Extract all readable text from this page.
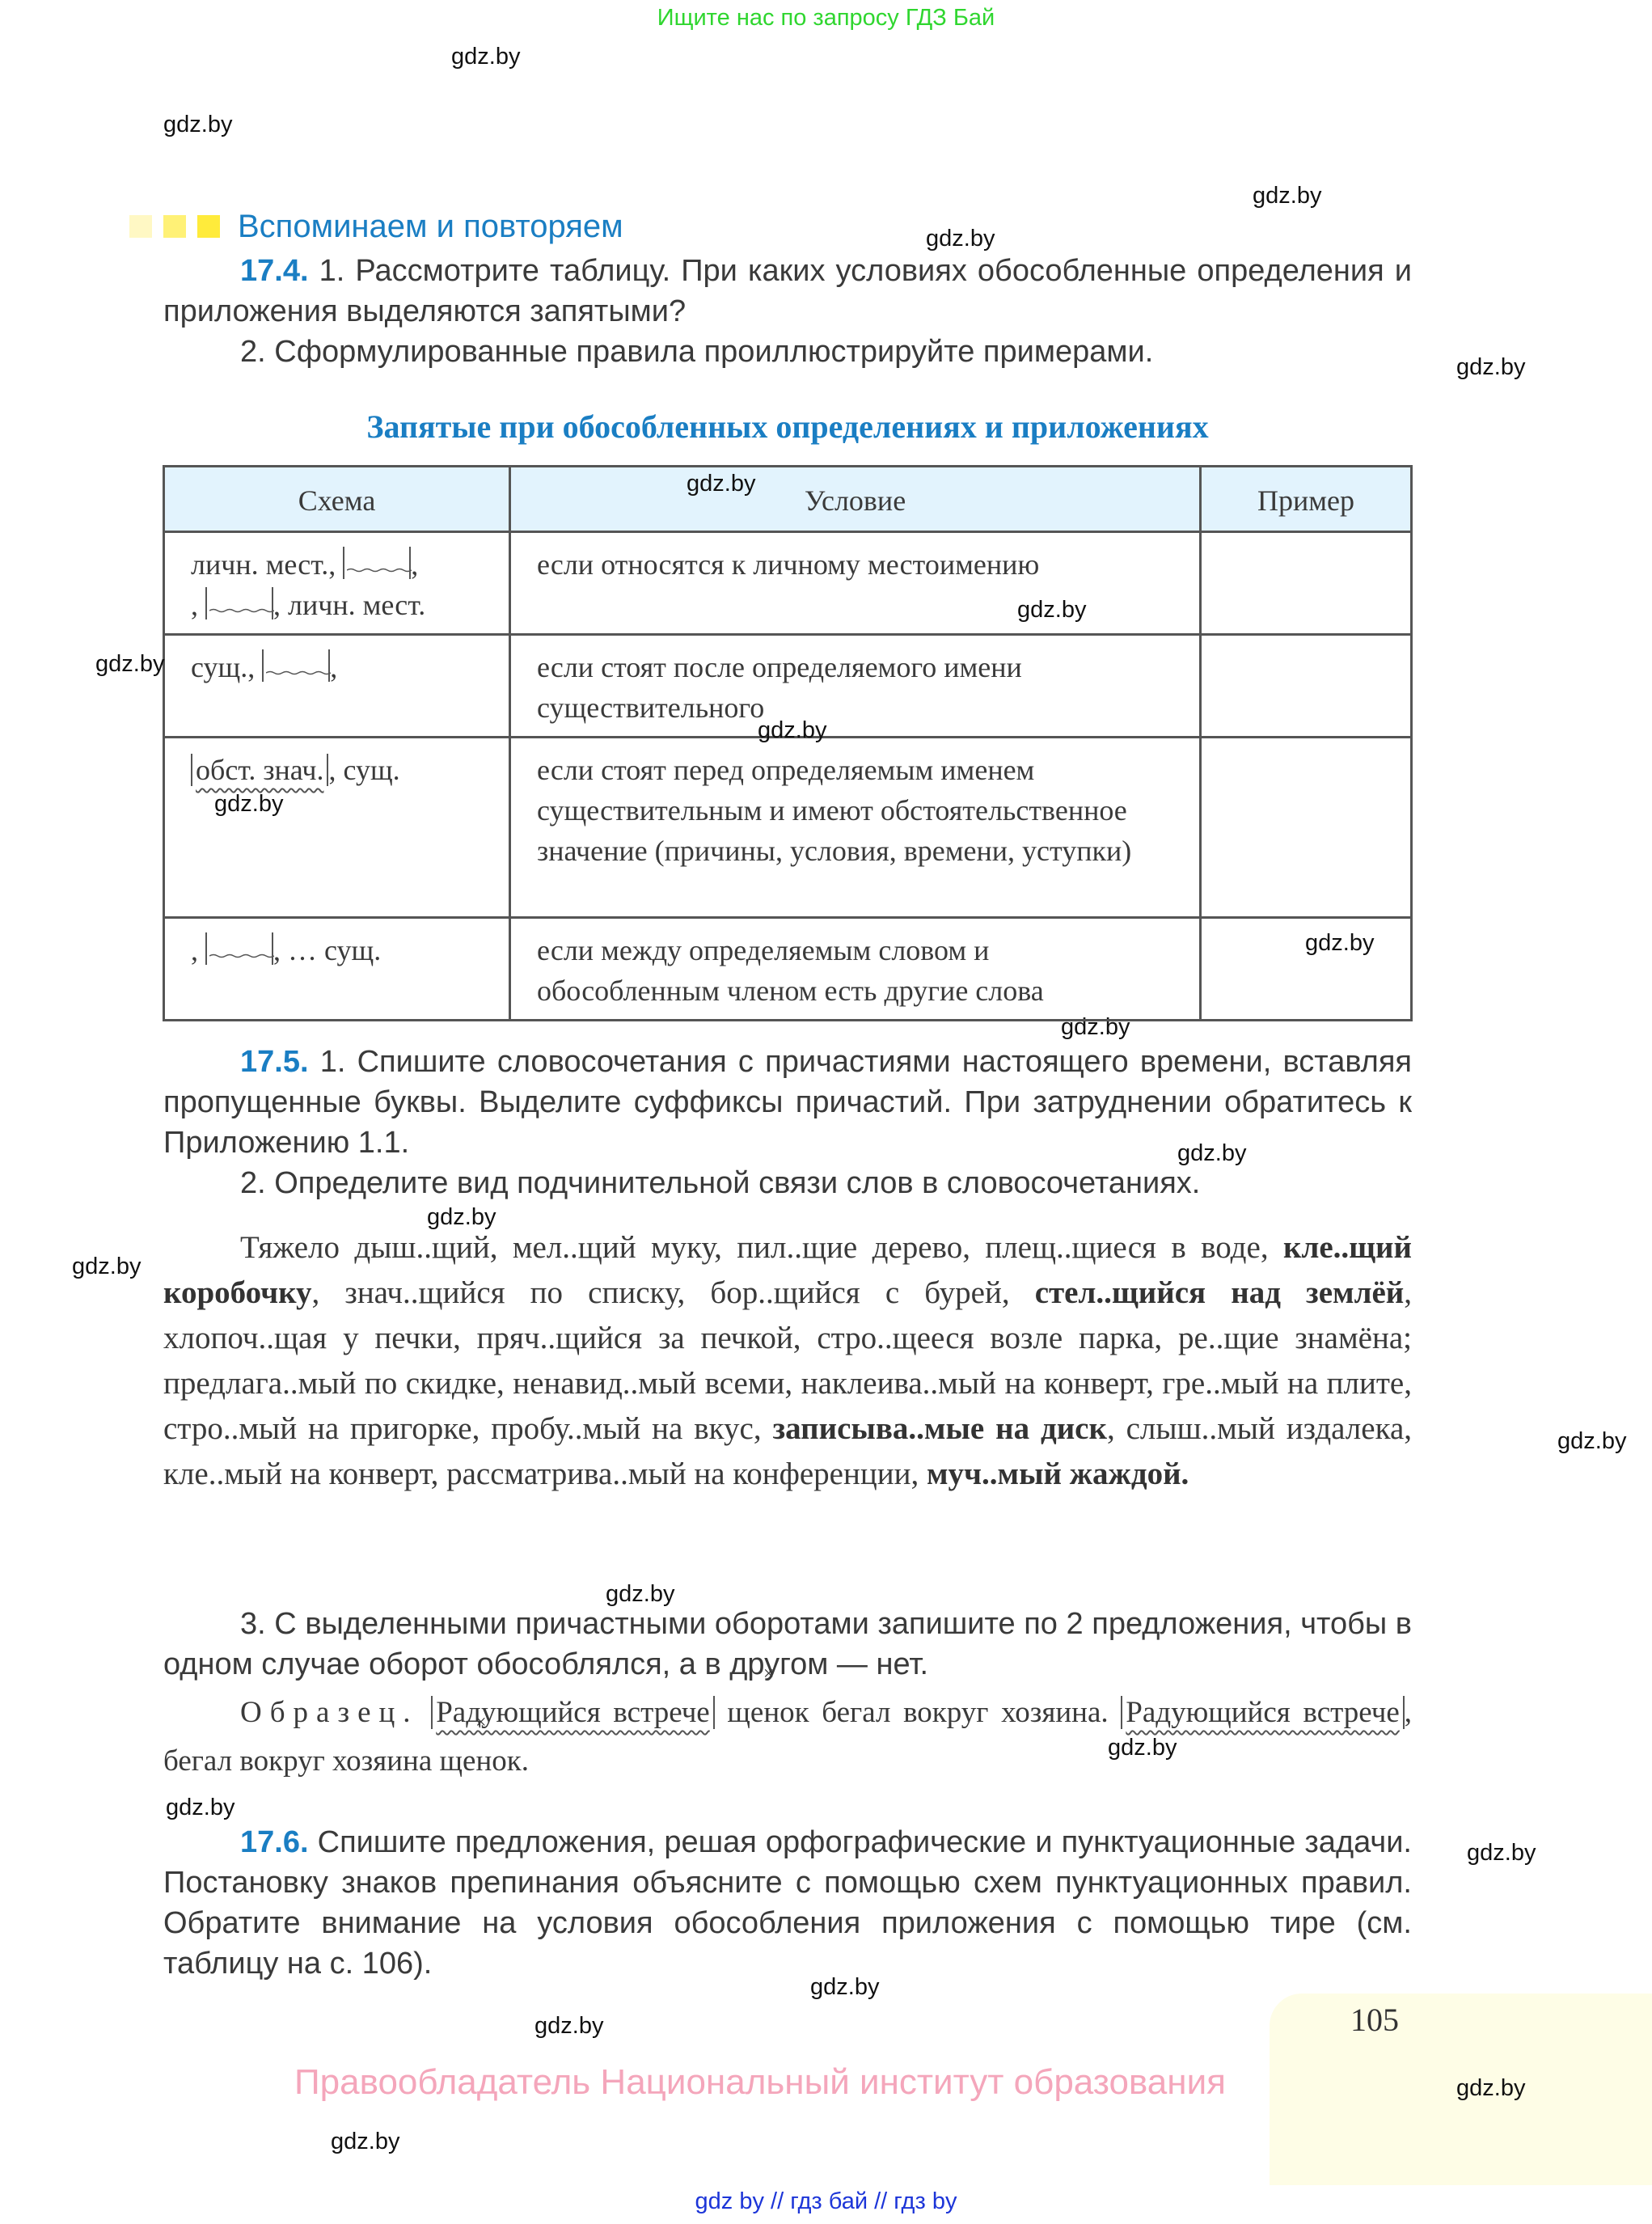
Ищите нас по запросу ГДЗ Бай
gdz.by
gdz.by
gdz.by
gdz.by
gdz.by
gdz.by
gdz.by
gdz.by
gdz.by
gdz.by
gdz.by
gdz.by
gdz.by
gdz.by
gdz.by
gdz.by
gdz.by
gdz.by
gdz.by
gdz.by
gdz.by
gdz.by
gdz.by
gdz.by
Вспоминаем и повторяем
17.4. 1. Рассмотрите таблицу. При каких условиях обособленные определения и приложения выделяются запятыми?
2. Сформулированные правила проиллюстрируйте примерами.
Запятые при обособленных определениях и приложениях
Схема	Условие	Пример

личн. мест., ,
, , личн. мест.	если относятся к личному местоимению	

сущ., ,	если стоят после определяемого имени существительного	

обст. знач. , сущ.	если стоят перед определяемым именем существительным и имеют обстоятельственное значение (причины, условия, времени, уступки)	

, , … сущ.	если между определяемым словом и обособленным членом есть другие слова	
17.5. 1. Спишите словосочетания с причастиями настоящего времени, вставляя пропущенные буквы. Выделите суффиксы причастий. При затруднении обратитесь к Приложению 1.1.
2. Определите вид подчинительной связи слов в словосочетаниях.
Тяжело дыш..щий, мел..щий муку, пил..щие дерево, плещ..щиеся в воде, кле..щий коробочку, знач..щийся по списку, бор..щийся с бурей, стел..щийся над землёй, хлопоч..щая у печки, пряч..щийся за печкой, стро..щееся возле парка, ре..щие знамёна; предлага..мый по скидке, ненавид..мый всеми, наклеива..мый на конверт, гре..мый на плите, стро..мый на пригорке, пробу..мый на вкус, записыва..мые на диск, слыш..мый издалека, кле..мый на конверт, рассматрива..мый на конференции, муч..мый жаждой.
3. С выделенными причастными оборотами запишите по 2 предложения, чтобы в одном случае оборот обособлялся, а в другом — нет.
Образец. Радующийся встрече × щенок бегал вокруг хозяина. Радующийся встрече , бегал вокруг хозяина × щенок.
17.6. Спишите предложения, решая орфографические и пунктуационные задачи. Постановку знаков препинания объясните с помощью схем пунктуационных правил. Обратите внимание на условия обособления приложения с помощью тире (см. таблицу на с. 106).
105
Правообладатель Национальный институт образования
gdz by // гдз бай // гдз by
